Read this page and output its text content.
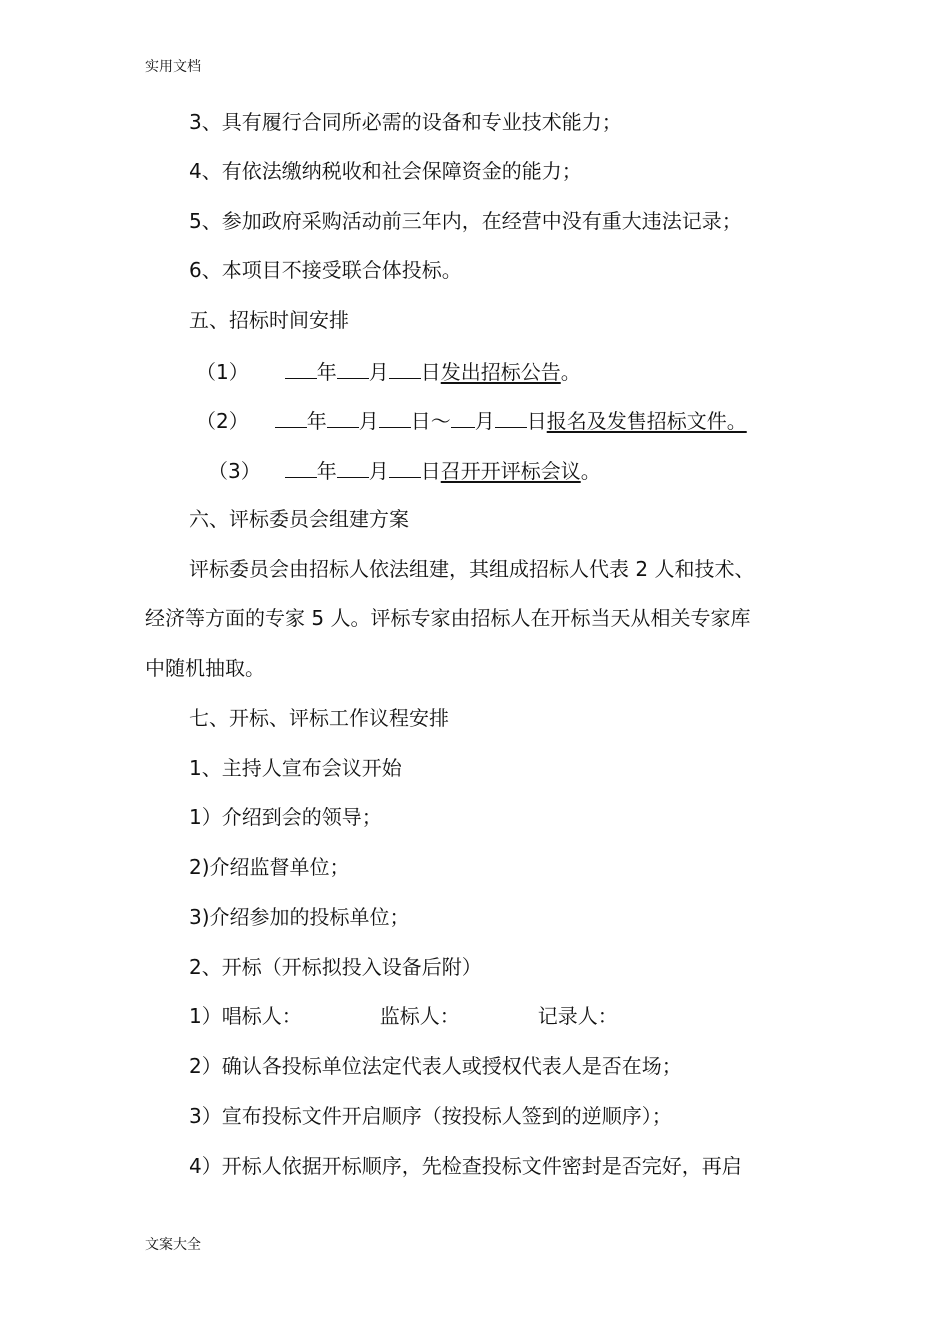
实用文档
3、具有履行合同所必需的设备和专业技术能力；
4、有依法缴纳税收和社会保障资金的能力；
5、参加政府采购活动前三年内，在经营中没有重大违法记录；
6、本项目不接受联合体投标。
五、招标时间安排
（1）	年 月 日发出招标公告。
（2）	年 月 日～ 月 日报名及发售招标文件。
（3）	年 月 日召开开评标会议。
六、评标委员会组建方案
评标委员会由招标人依法组建，其组成招标人代表 2 人和技术、
经济等方面的专家 5 人。评标专家由招标人在开标当天从相关专家库
中随机抽取。
七、开标、评标工作议程安排
1、主持人宣布会议开始
1）介绍到会的领导；
2)介绍监督单位；
3)介绍参加的投标单位；
2、开标（开标拟投入设备后附）
1）唱标人：	监标人：	记录人：
2）确认各投标单位法定代表人或授权代表人是否在场；
3）宣布投标文件开启顺序（按投标人签到的逆顺序）；
4）开标人依据开标顺序，先检查投标文件密封是否完好，再启
文案大全
